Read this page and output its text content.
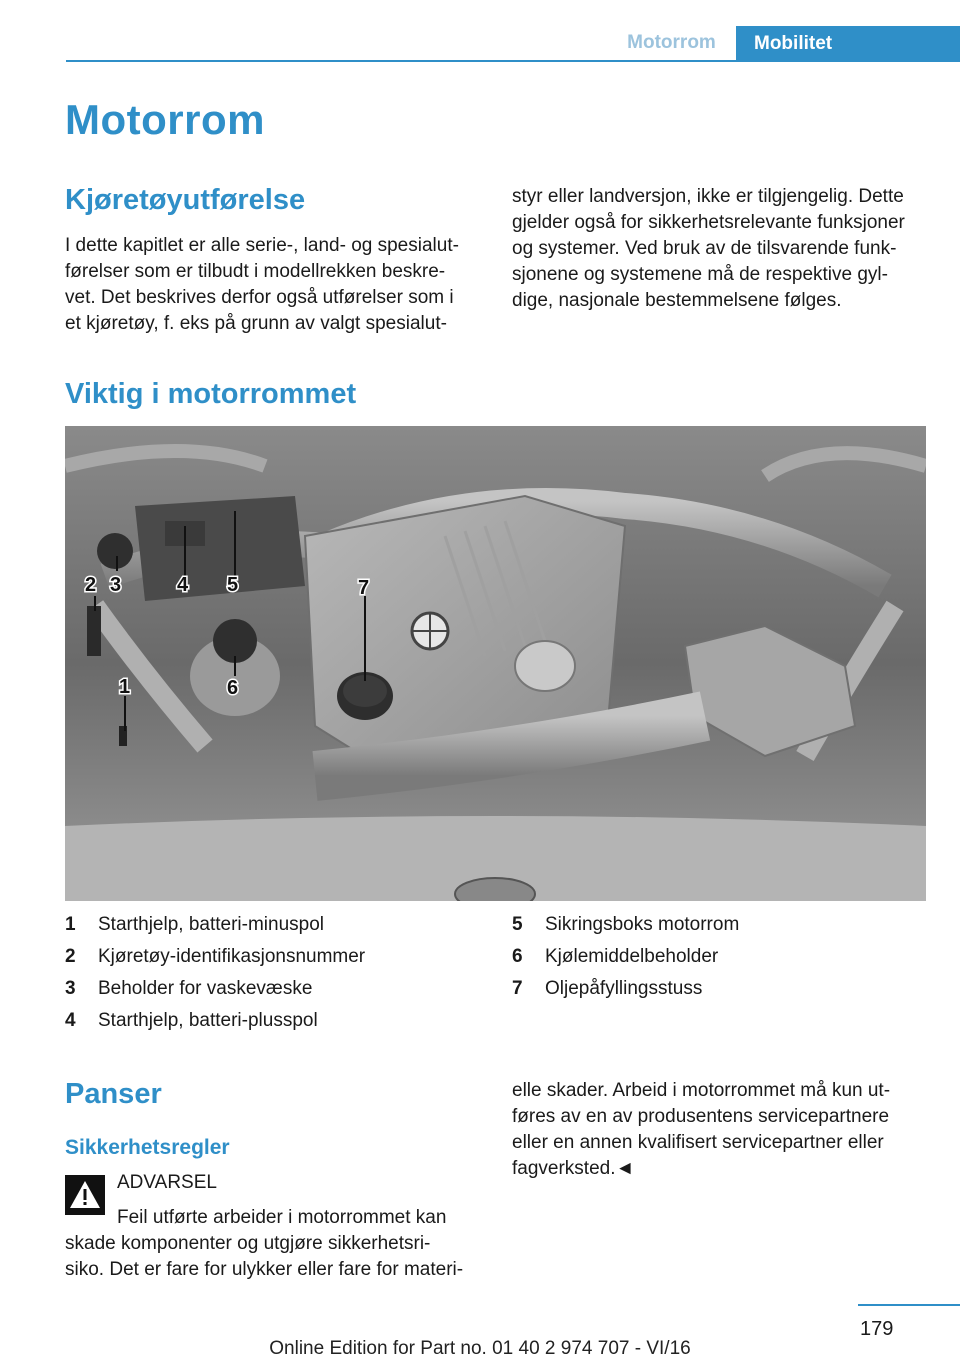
Motorrom	Mobilitet
Motorrom
Kjøretøyutførelse
I dette kapitlet er alle serie-, land- og spesialut-
førelser som er tilbudt i modellrekken beskre-
vet. Det beskrives derfor også utførelser som i
et kjøretøy, f. eks på grunn av valgt spesialut-
styr eller landversjon, ikke er tilgjengelig. Dette
gjelder også for sikkerhetsrelevante funksjoner
og systemer. Ved bruk av de tilsvarende funk-
sjonene og systemene må de respektive gyl-
dige, nasjonale bestemmelsene følges.
Viktig i motorrommet
1
2 3	4 5
6
7
1	Starthjelp, batteri-minuspol
2	Kjøretøy-identifikasjonsnummer
3	Beholder for vaskevæske
4	Starthjelp, batteri-plusspol
5	Sikringsboks motorrom
6	Kjølemiddelbeholder
7	Oljepåfyllingsstuss
Panser
Sikkerhetsregler
ADVARSEL
Feil utførte arbeider i motorrommet kan
skade komponenter og utgjøre sikkerhetsri-
siko. Det er fare for ulykker eller fare for materi-
elle skader. Arbeid i motorrommet må kun ut-
føres av en av produsentens servicepartnere
eller en annen kvalifisert servicepartner eller
fagverksted.◄
179
Online Edition for Part no. 01 40 2 974 707 - VI/16
